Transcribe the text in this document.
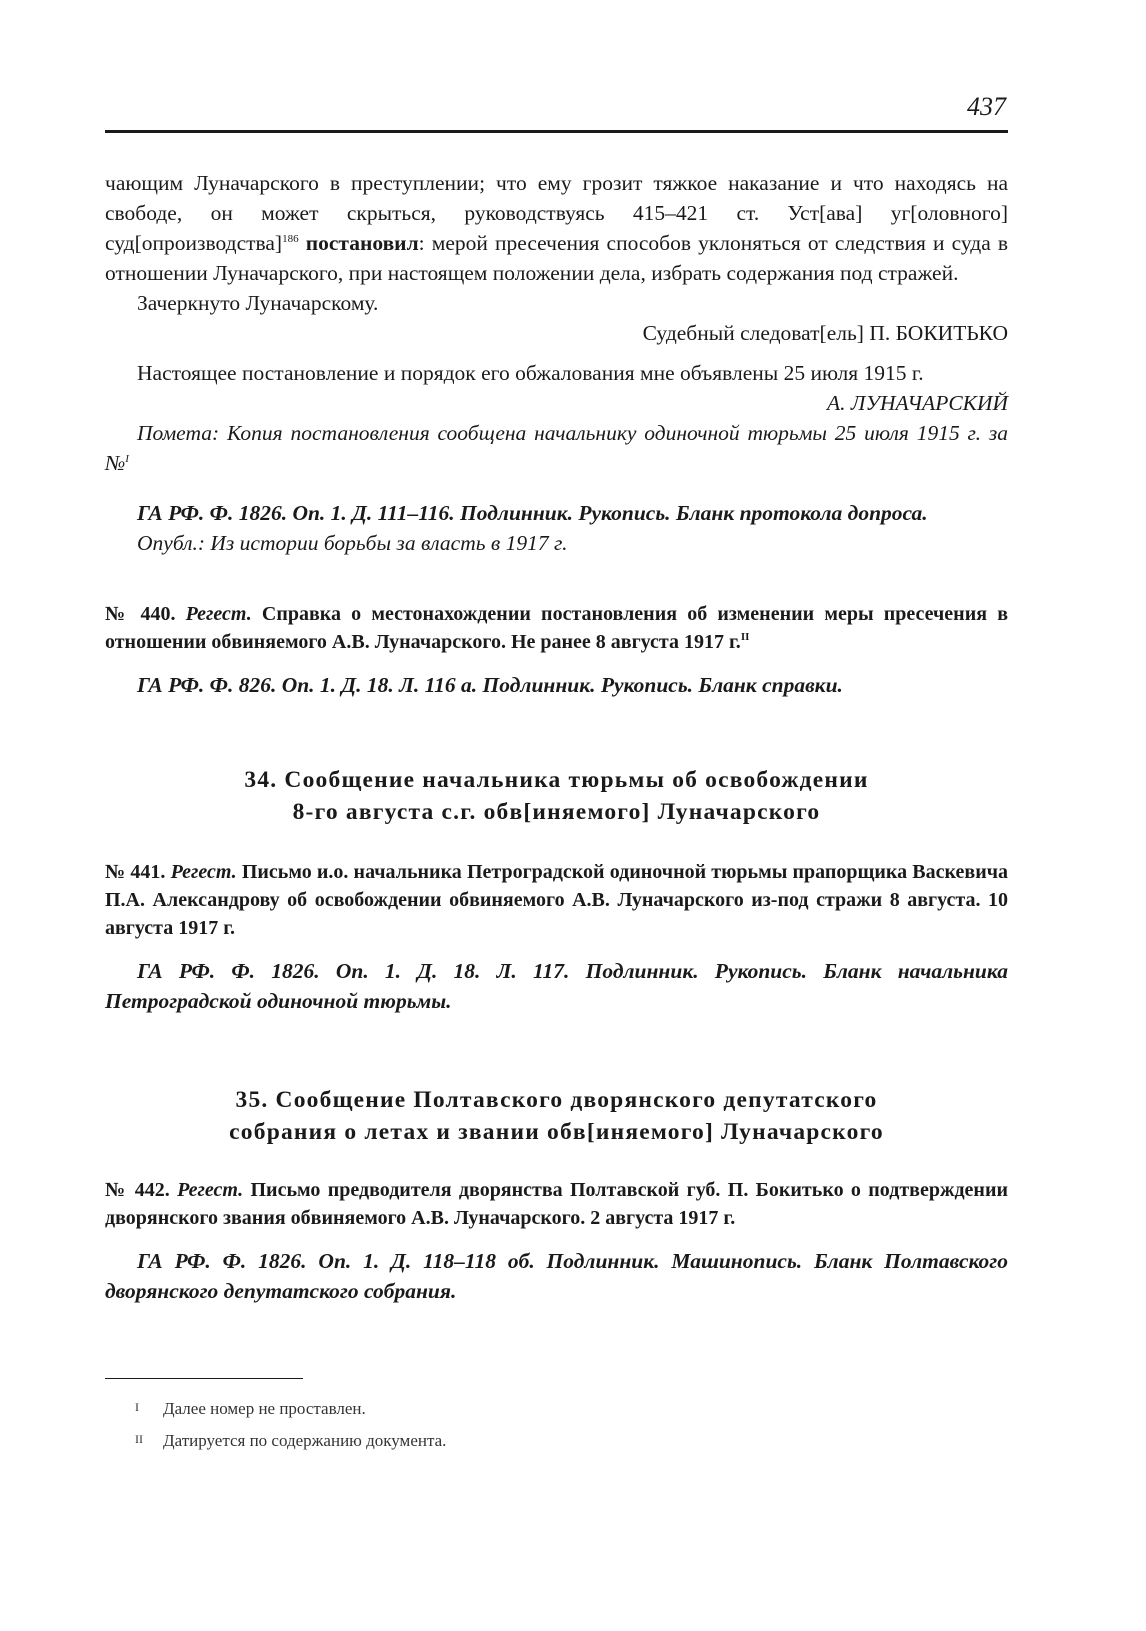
437

чающим Луначарского в преступлении; что ему грозит тяжкое наказание и что находясь на свободе, он может скрыться, руководствуясь 415–421 ст. Уст[ава] уг[оловного] суд[опроизводства]$^{186}$ постановил: мерой пресечения способов уклоняться от следствия и суда в отношении Луначарского, при настоящем положении дела, избрать содержания под стражей.

Зачеркнуто Луначарскому.

Судебный следоват[ель] П. БОКИТЬКО

Настоящее постановление и порядок его обжалования мне объявлены 25 июля 1915 г.

А. ЛУНАЧАРСКИЙ

Помета: Копия постановления сообщена начальнику одиночной тюрьмы 25 июля 1915 г. за №$^I$

ГА РФ. Ф. 1826. Оп. 1. Д. 111–116. Подлинник. Рукопись. Бланк протокола допроса.

Опубл.: Из истории борьбы за власть в 1917 г.

№ 440. Регест. Справка о местонахождении постановления об изменении меры пресечения в отношении обвиняемого А.В. Луначарского. Не ранее 8 августа 1917 г.$^{II}$

ГА РФ. Ф. 826. Оп. 1. Д. 18. Л. 116 а. Подлинник. Рукопись. Бланк справки.

34. Сообщение начальника тюрьмы об освобождении
8-го августа с.г. обв[иняемого] Луначарского

№ 441. Регест. Письмо и.о. начальника Петроградской одиночной тюрьмы прапорщика Васкевича П.А. Александрову об освобождении обвиняемого А.В. Луначарского из-под стражи 8 августа. 10 августа 1917 г.

ГА РФ. Ф. 1826. Оп. 1. Д. 18. Л. 117. Подлинник. Рукопись. Бланк начальника Петроградской одиночной тюрьмы.

35. Сообщение Полтавского дворянского депутатского
собрания о летах и звании обв[иняемого] Луначарского

№ 442. Регест. Письмо предводителя дворянства Полтавской губ. П. Бокитько о подтверждении дворянского звания обвиняемого А.В. Луначарского. 2 августа 1917 г.

ГА РФ. Ф. 1826. Оп. 1. Д. 118–118 об. Подлинник. Машинопись. Бланк Полтавского дворянского депутатского собрания.

I Далее номер не проставлен.
II Датируется по содержанию документа.
